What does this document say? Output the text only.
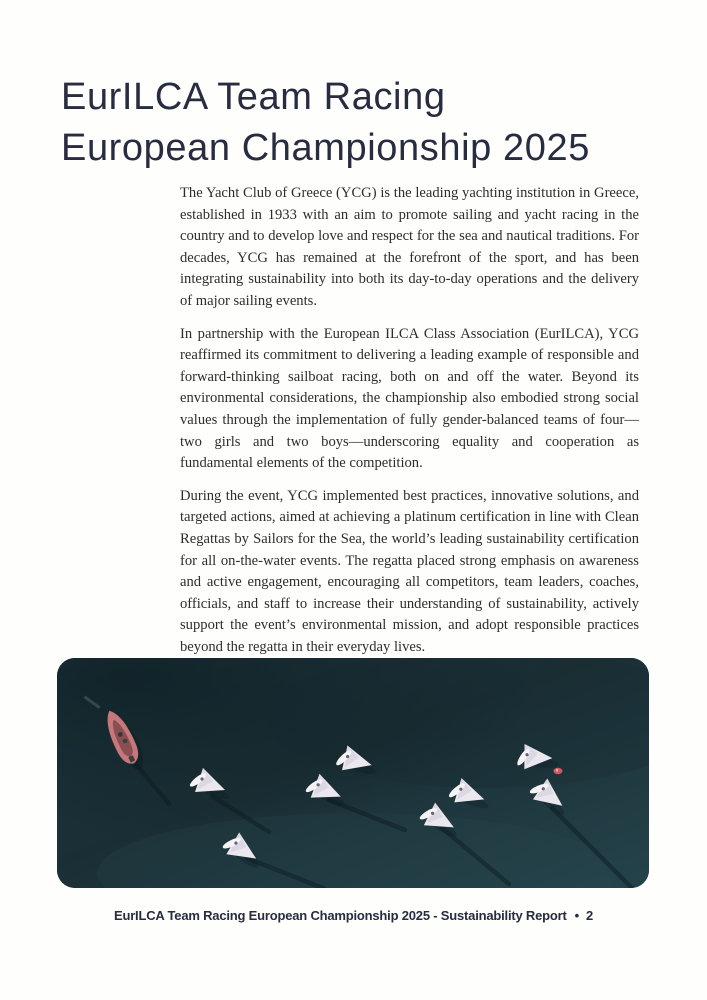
EurILCA Team Racing
European Championship 2025

The Yacht Club of Greece (YCG) is the leading yachting institution in Greece, established in 1933 with an aim to promote sailing and yacht racing in the country and to develop love and respect for the sea and nautical traditions. For decades, YCG has remained at the forefront of the sport, and has been integrating sustainability into both its day-to-day operations and the delivery of major sailing events.

In partnership with the European ILCA Class Association (EurILCA), YCG reaffirmed its commitment to delivering a leading example of responsible and forward-thinking sailboat racing, both on and off the water. Beyond its environmental considerations, the championship also embodied strong social values through the implementation of fully gender-balanced teams of four—two girls and two boys—underscoring equality and cooperation as fundamental elements of the competition.

During the event, YCG implemented best practices, innovative solutions, and targeted actions, aimed at achieving a platinum certification in line with Clean Regattas by Sailors for the Sea, the world’s leading sustainability certification for all on-the-water events. The regatta placed strong emphasis on awareness and active engagement, encouraging all competitors, team leaders, coaches, officials, and staff to increase their understanding of sustainability, actively support the event’s environmental mission, and adopt responsible practices beyond the regatta in their everyday lives.

EurILCA Team Racing European Championship 2025 - Sustainability Report • 2
